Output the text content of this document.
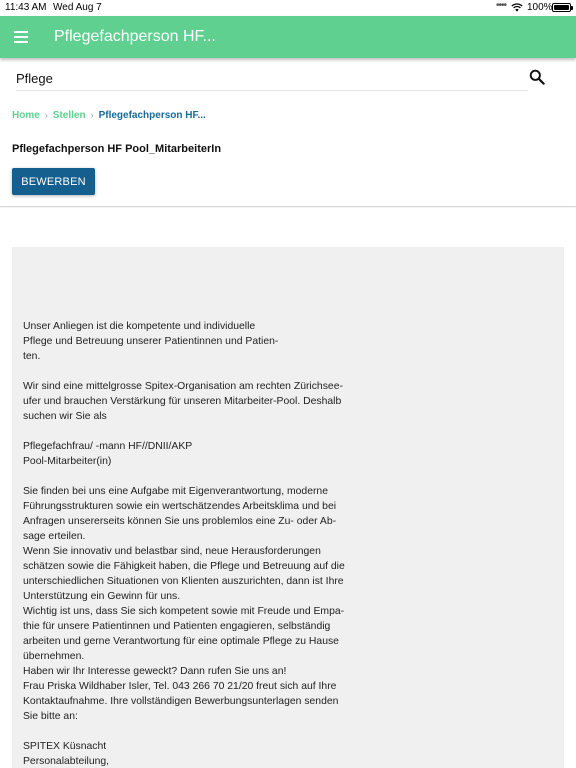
11:43 AM Wed Aug 7	•••• 100%
Pflegefachperson HF...
Pflege
Home › Stellen › Pflegefachperson HF...
Pflegefachperson HF Pool_MitarbeiterIn
BEWERBEN

Unser Anliegen ist die kompetente und individuelle
Pflege und Betreuung unserer Patientinnen und Patien-
ten.

Wir sind eine mittelgrosse Spitex-Organisation am rechten Zürichsee-
ufer und brauchen Verstärkung für unseren Mitarbeiter-Pool. Deshalb
suchen wir Sie als

Pflegefachfrau/ -mann HF//DNII/AKP
Pool-Mitarbeiter(in)

Sie finden bei uns eine Aufgabe mit Eigenverantwortung, moderne
Führungsstrukturen sowie ein wertschätzendes Arbeitsklima und bei
Anfragen unsererseits können Sie uns problemlos eine Zu- oder Ab-
sage erteilen.
Wenn Sie innovativ und belastbar sind, neue Herausforderungen
schätzen sowie die Fähigkeit haben, die Pflege und Betreuung auf die
unterschiedlichen Situationen von Klienten auszurichten, dann ist Ihre
Unterstützung ein Gewinn für uns.
Wichtig ist uns, dass Sie sich kompetent sowie mit Freude und Empa-
thie für unsere Patientinnen und Patienten engagieren, selbständig
arbeiten und gerne Verantwortung für eine optimale Pflege zu Hause
übernehmen.
Haben wir Ihr Interesse geweckt? Dann rufen Sie uns an!
Frau Priska Wildhaber Isler, Tel. 043 266 70 21/20 freut sich auf Ihre
Kontaktaufnahme. Ihre vollständigen Bewerbungsunterlagen senden
Sie bitte an:

SPITEX Küsnacht
Personalabteilung,
